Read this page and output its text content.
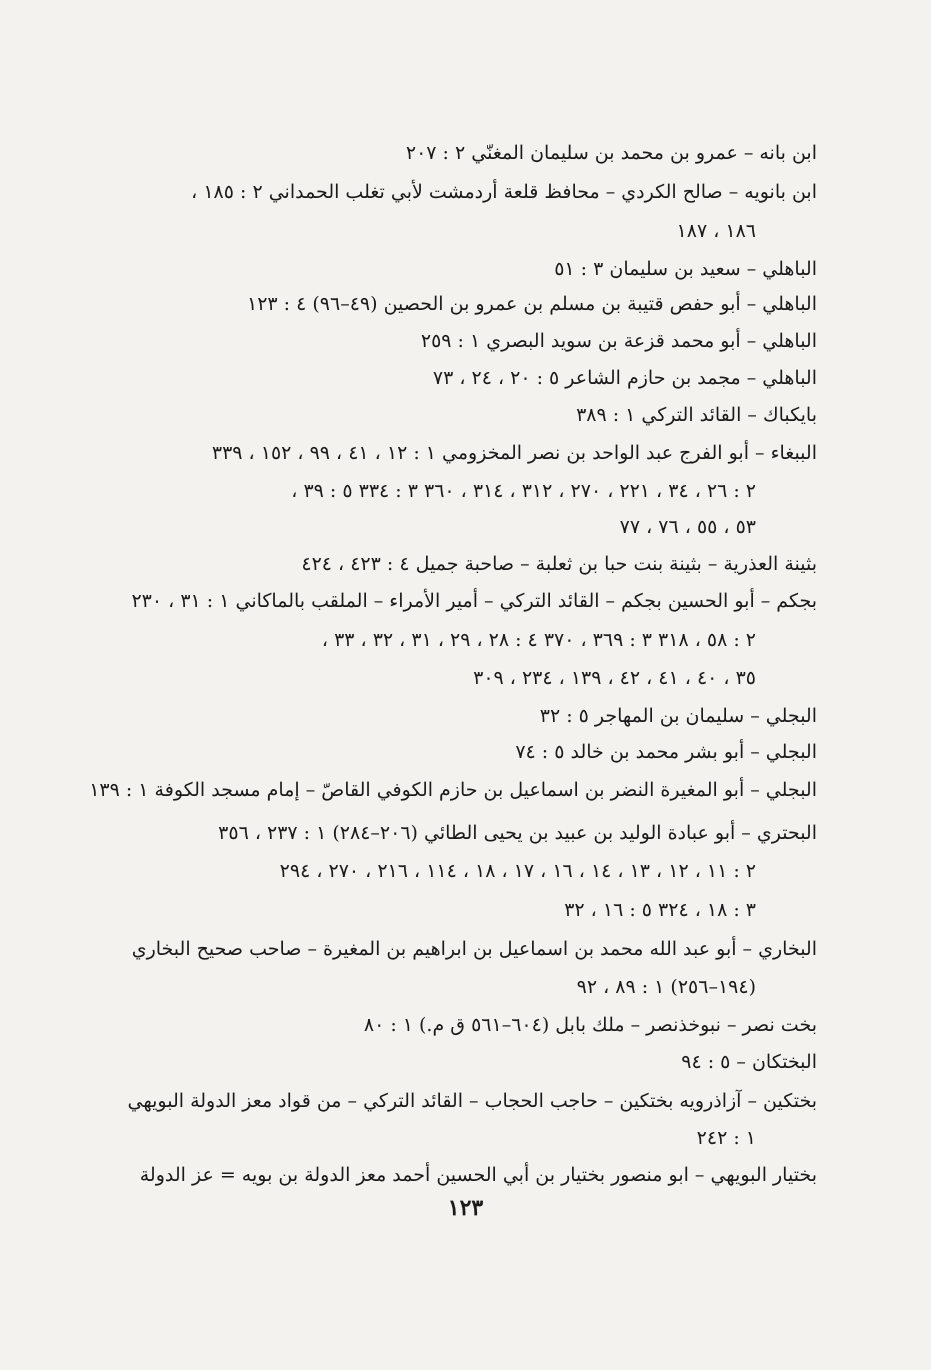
ابن بانه – عمرو بن محمد بن سليمان المغنّي ٢ : ٢٠٧
ابن بانويه – صالح الكردي – محافظ قلعة أردمشت لأبي تغلب الحمداني ٢ : ١٨٥ ،
١٨٦ ، ١٨٧
الباهلي – سعيد بن سليمان ٣ : ٥١
الباهلي – أبو حفص قتيبة بن مسلم بن عمرو بن الحصين (٤٩–٩٦) ٤ : ١٢٣
الباهلي – أبو محمد قزعة بن سويد البصري ١ : ٢٥٩
الباهلي – مجمد بن حازم الشاعر ٥ : ٢٠ ، ٢٤ ، ٧٣
بايكباك – القائد التركي ١ : ٣٨٩
الببغاء – أبو الفرج عبد الواحد بن نصر المخزومي ١ : ١٢ ، ٤١ ، ٩٩ ، ١٥٢ ، ٣٣٩
٢ : ٢٦ ، ٣٤ ، ٢٢١ ، ٢٧٠ ، ٣١٢ ، ٣١٤ ، ٣٦٠ ٣ : ٣٣٤ ٥ : ٣٩ ،
٥٣ ، ٥٥ ، ٧٦ ، ٧٧
بثينة العذرية – بثينة بنت حبا بن ثعلبة – صاحبة جميل ٤ : ٤٢٣ ، ٤٢٤
بجكم – أبو الحسين بجكم – القائد التركي – أمير الأمراء – الملقب بالماكاني ١ : ٣١ ، ٢٣٠
٢ : ٥٨ ، ٣١٨ ٣ : ٣٦٩ ، ٣٧٠ ٤ : ٢٨ ، ٢٩ ، ٣١ ، ٣٢ ، ٣٣ ،
٣٥ ، ٤٠ ، ٤١ ، ٤٢ ، ١٣٩ ، ٢٣٤ ، ٣٠٩
البجلي – سليمان بن المهاجر ٥ : ٣٢
البجلي – أبو بشر محمد بن خالد ٥ : ٧٤
البجلي – أبو المغيرة النضر بن اسماعيل بن حازم الكوفي القاصّ – إمام مسجد الكوفة ١ : ١٣٩
البحتري – أبو عبادة الوليد بن عبيد بن يحيى الطائي (٢٠٦–٢٨٤) ١ : ٢٣٧ ، ٣٥٦
٢ : ١١ ، ١٢ ، ١٣ ، ١٤ ، ١٦ ، ١٧ ، ١٨ ، ١١٤ ، ٢١٦ ، ٢٧٠ ، ٢٩٤
٣ : ١٨ ، ٣٢٤ ٥ : ١٦ ، ٣٢
البخاري – أبو عبد الله محمد بن اسماعيل بن ابراهيم بن المغيرة – صاحب صحيح البخاري
(١٩٤–٢٥٦) ١ : ٨٩ ، ٩٢
بخت نصر – نبوخذنصر – ملك بابل (٦٠٤–٥٦١ ق م.) ١ : ٨٠
البختكان – ٥ : ٩٤
بختكين – آزاذرويه بختكين – حاجب الحجاب – القائد التركي – من قواد معز الدولة البويهي
١ : ٢٤٢
بختيار البويهي – ابو منصور بختيار بن أبي الحسين أحمد معز الدولة بن بويه = عز الدولة
١٢٣
